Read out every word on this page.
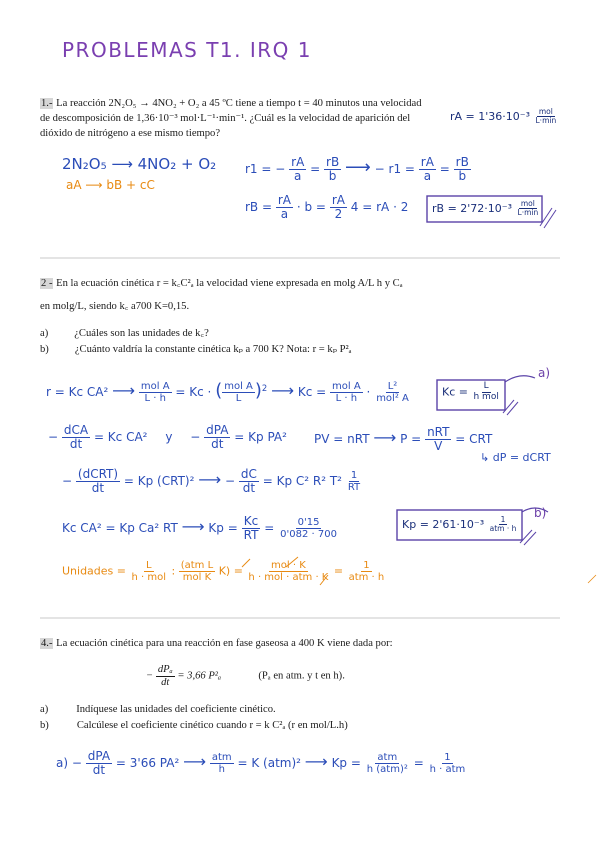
PROBLEMAS T1. IRQ 1
1.- La reacción 2N₂O₅ → 4NO₂ + O₂ a 45 ºC tiene a tiempo t = 40 minutos una velocidad
de descomposición de 1,36·10⁻³ mol·L⁻¹·min⁻¹. ¿Cuál es la velocidad de aparición del
dióxido de nitrógeno a ese mismo tiempo?
rA = $1'36\cdot 10^{-3} \frac{\text{mol}}{L\cdot\min}$
2N₂O₅ ⟶ 4NO₂ + O₂
aA ⟶ bB + cC
r1 = − $\frac{rA}{a} = \frac{rB}{b}$ ⟶ − $r1 = \frac{rA}{a} = \frac{rB}{b}$
rB = $\frac{rA}{a} \cdot b = \frac{rA}{2} 4$ = rA · 2 rB = $2'72\cdot 10^{-3} \frac{\text{mol}}{L\cdot\min}$
2 - En la ecuación cinética r = k꜀C²ₐ la velocidad viene expresada en molg A/L h y Cₐ
en molg/L, siendo k꜀ a700 K=0,15.
a) ¿Cuáles son las unidades de k꜀?
b) ¿Cuánto valdría la constante cinética kₚ a 700 K? Nota: r = kₚ P²ₐ
r = Kc CA² ⟶ $\frac{\text{mol A}}{L \cdot h} = Kc$ · ( $\frac{\text{mol A}}{L} )^2$ ⟶ $Kc = \frac{\text{mol A}}{L \cdot h} \cdot \frac{\text{L²}}{\text{mol² A}}$	$Kc = \frac{L}{\text{h mol}}$
a)
− $\frac{\text{dCA}}{dt} = Kc$ CA² $y - \frac{\text{dPA}}{dt} = Kp$ PA² PV = nRT ⟶ $P = \frac{\text{nRT}}{V}$ = CRT
↳ dP = dCRT
− $\frac{\text{(dCRT)}}{dt} = Kp$ (CRT)² ⟶ − $\frac{dC}{dt} = Kp$ C² R² $T^2 \frac{1}{RT}$
Kc CA² = Kp Ca² RT ⟶ $Kp = \frac{Kc}{RT} = \frac{0'15}{0'082 \cdot 700}$	$Kp = 2'61\cdot 10^{-3} \frac{1}{\text{atm · h}}$
b)
Unidades = $\frac{L}{\text{h · mol}}$ : $\frac{\text{(atm L}}{\text{mol K}} K) = \frac{\text{mol · K}}{\text{h · mol · atm · K}} = \frac{1}{\text{atm · h}}$
4.- La ecuación cinética para una reacción en fase gaseosa a 400 K viene dada por:
− $\frac{\text{dPₐ}}{dt} = 3,66$ P²ₐ	(Pₐ en atm. y t en h).
a)	Indíquese las unidades del coeficiente cinético.
b)	Calcúlese el coeficiente cinético cuando r = k C²ₐ (r en mol/L.h)
$a) - \frac{\text{dPA}}{dt} = 3'66$ PA² ⟶ $\frac{\text{atm}}{h} = K$ (atm)² ⟶ $Kp = \frac{\text{atm}}{\text{h (atm)²}} = \frac{1}{\text{h · atm}}$
